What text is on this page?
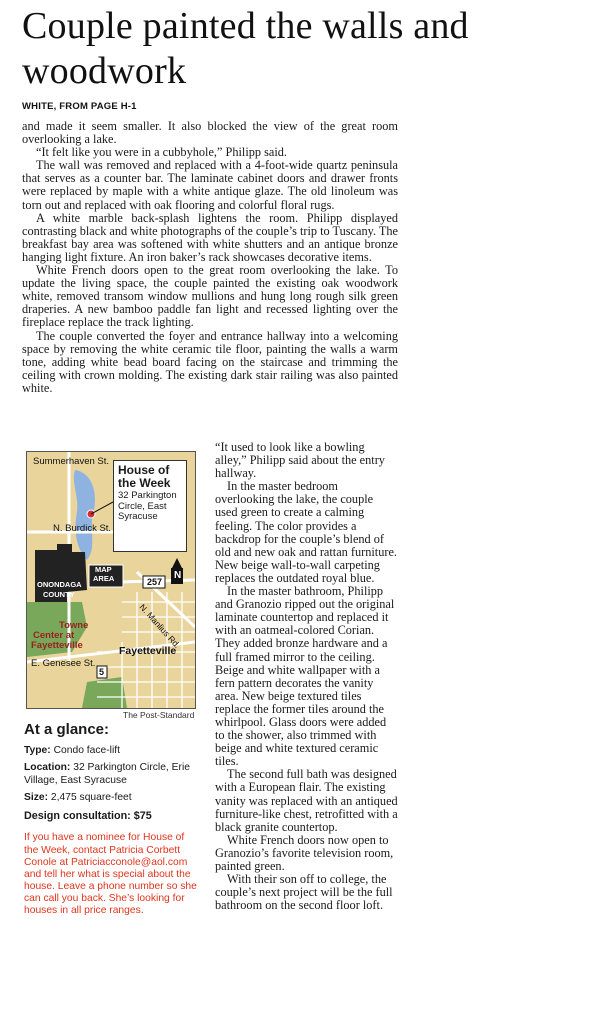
Couple painted the walls and woodwork
WHITE, FROM PAGE H-1

and made it seem smaller. It also blocked the view of the great room overlooking a lake.

“It felt like you were in a cubbyhole,” Philipp said.

The wall was removed and replaced with a 4-foot-wide quartz peninsula that serves as a counter bar. The laminate cabinet doors and drawer fronts were replaced by maple with a white antique glaze. The old linoleum was torn out and replaced with oak flooring and colorful floral rugs.

A white marble back-splash lightens the room. Philipp displayed contrasting black and white photographs of the couple’s trip to Tuscany. The breakfast bay area was softened with white shutters and an antique bronze hanging light fixture. An iron baker’s rack showcases decorative items.

White French doors open to the great room overlooking the lake. To update the living space, the couple painted the existing oak woodwork white, removed transom window mullions and hung long rough silk green draperies. A new bamboo paddle fan light and recessed lighting over the fireplace replace the track lighting.

The couple converted the foyer and entrance hallway into a welcoming space by removing the white ceramic tile floor, painting the walls a warm tone, adding white bead board facing on the staircase and trimming the ceiling with crown molding. The existing dark stair railing was also painted white.

House of the Week
32 Parkington Circle, East Syracuse
Summerhaven St.
N. Burdick St.
MAP
AREA
ONONDAGA
COUNTY
257
5
N
N. Manlius Rd.
Towne
Center at
Fayetteville
E. Genesee St.
Fayetteville
The Post-Standard
At a glance:
Type: Condo face-lift
Location: 32 Parkington Circle, Erie Village, East Syracuse
Size: 2,475 square-feet
Design consultation: $75
If you have a nominee for House of the Week, contact Patricia Corbett Conole at Patriciacconole@aol.com and tell her what is special about the house. Leave a phone number so she can call you back. She’s looking for houses in all price ranges.

“It used to look like a bowling alley,” Philipp said about the entry hallway.

In the master bedroom overlooking the lake, the couple used green to create a calming feeling. The color provides a backdrop for the couple’s blend of old and new oak and rattan furniture. New beige wall-to-wall carpeting replaces the outdated royal blue.

In the master bathroom, Philipp and Granozio ripped out the original laminate countertop and replaced it with an oatmeal-colored Corian. They added bronze hardware and a full framed mirror to the ceiling. Beige and white wallpaper with a fern pattern decorates the vanity area. New beige textured tiles replace the former tiles around the whirlpool. Glass doors were added to the shower, also trimmed with beige and white textured ceramic tiles.

The second full bath was designed with a European flair. The existing vanity was replaced with an antiqued furniture-like chest, retrofitted with a black granite countertop.

White French doors now open to Granozio’s favorite television room, painted green.

With their son off to college, the couple’s next project will be the full bathroom on the second floor loft.
